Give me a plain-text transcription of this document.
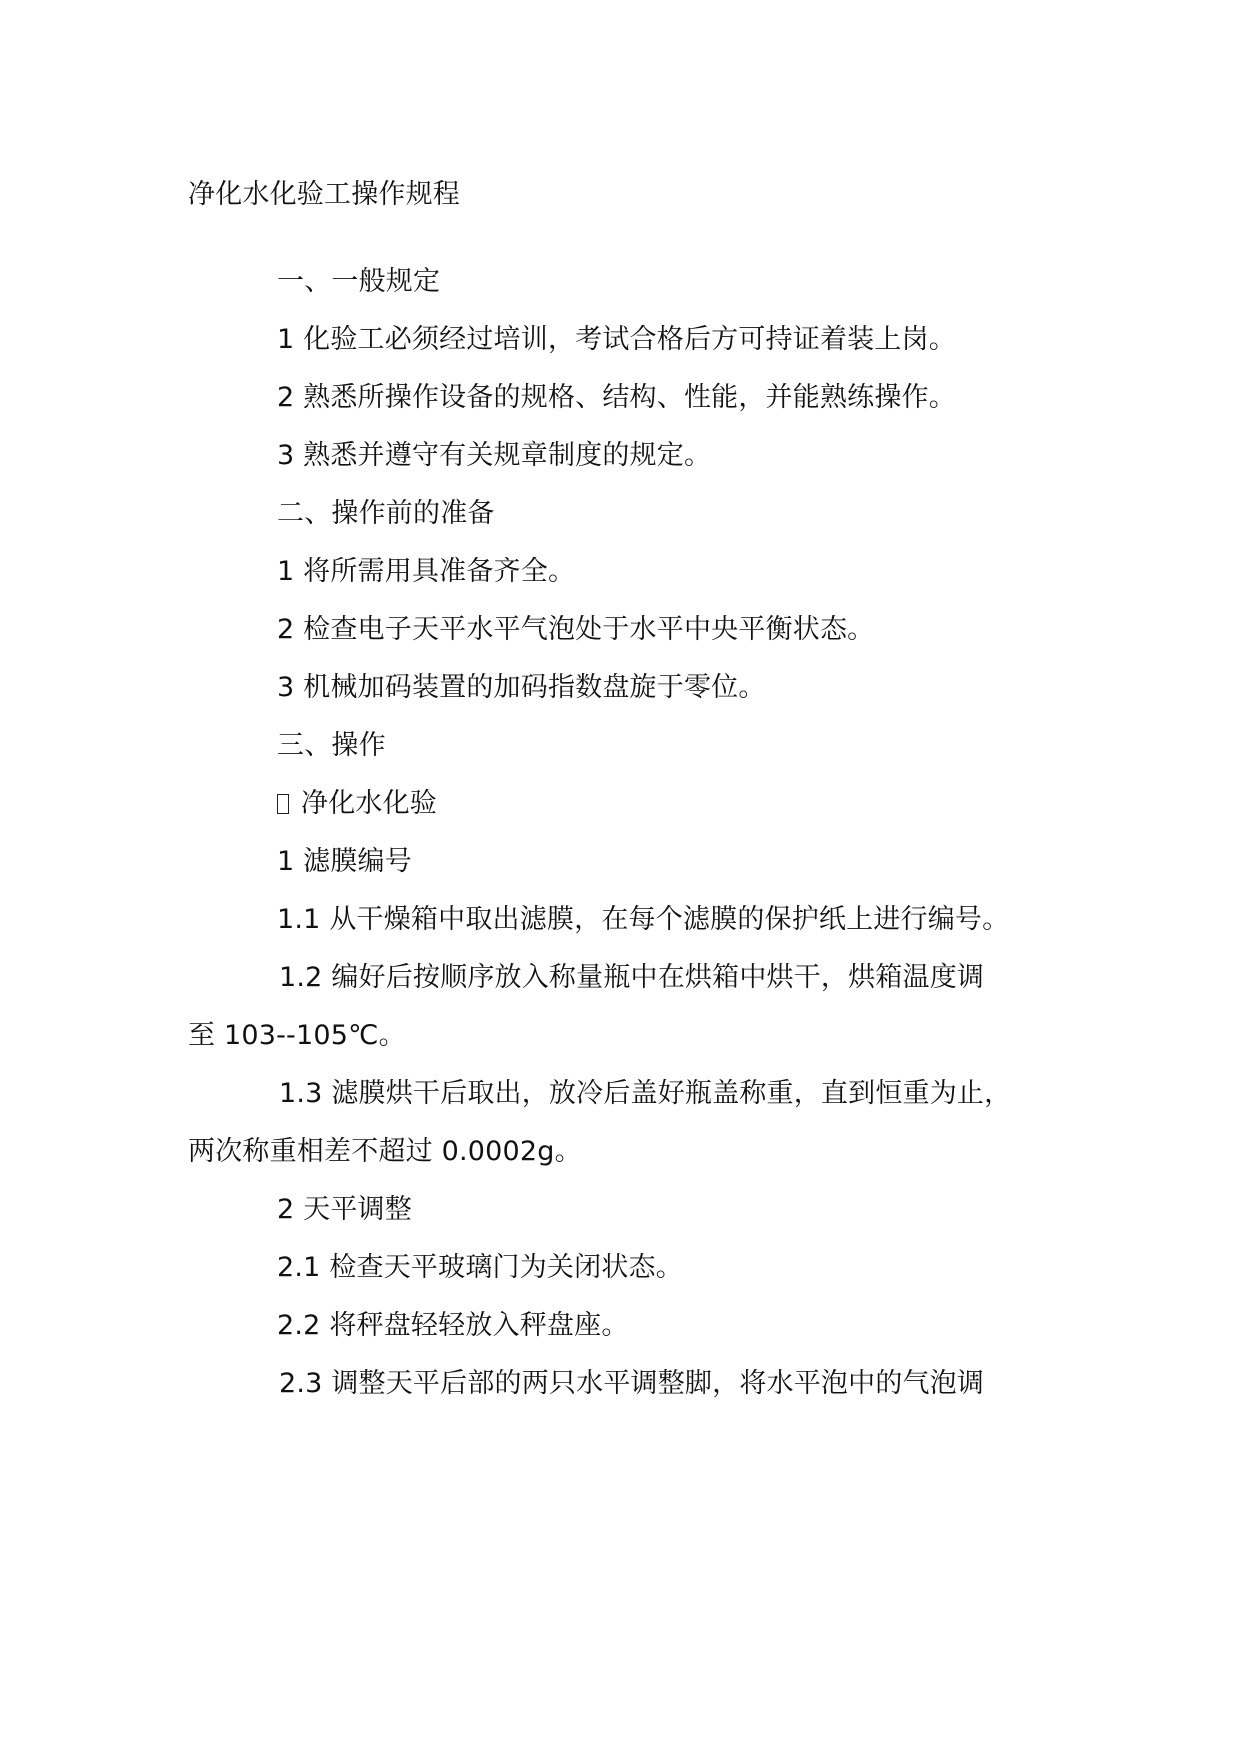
净化水化验工操作规程
一、一般规定
1 化验工必须经过培训，考试合格后方可持证着装上岗。
2 熟悉所操作设备的规格、结构、性能，并能熟练操作。
3 熟悉并遵守有关规章制度的规定。
二、操作前的准备
1 将所需用具准备齐全。
2 检查电子天平水平气泡处于水平中央平衡状态。
3 机械加码装置的加码指数盘旋于零位。
三、操作
净化水化验
1 滤膜编号
1.1 从干燥箱中取出滤膜，在每个滤膜的保护纸上进行编号。
1.2 编好后按顺序放入称量瓶中在烘箱中烘干，烘箱温度调
至 103--105℃。
1.3 滤膜烘干后取出，放冷后盖好瓶盖称重，直到恒重为止，
两次称重相差不超过 0.0002g。
2 天平调整
2.1 检查天平玻璃门为关闭状态。
2.2 将秤盘轻轻放入秤盘座。
2.3 调整天平后部的两只水平调整脚，将水平泡中的气泡调
